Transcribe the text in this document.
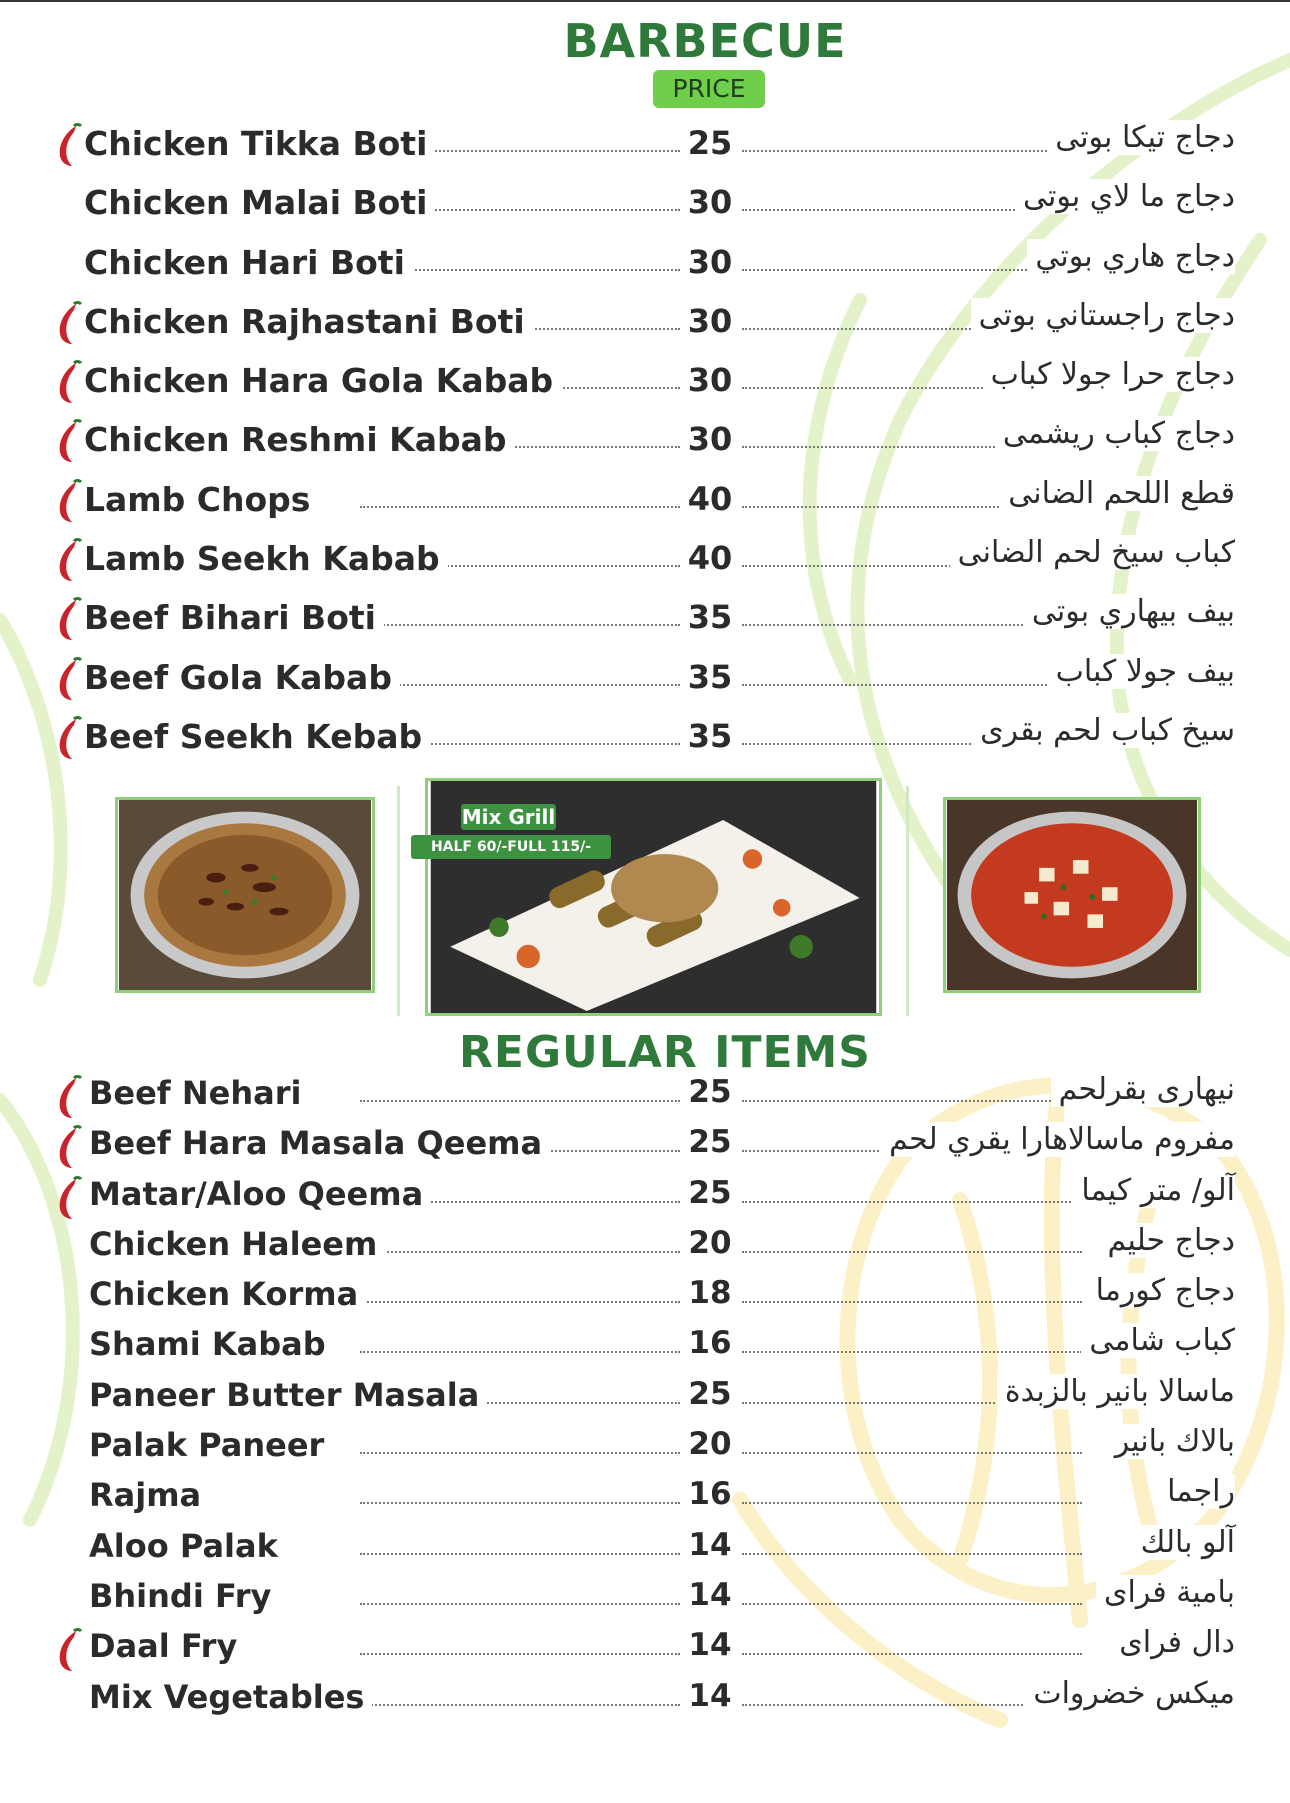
BARBECUE
PRICE
Chicken Tikka Boti	25	دجاج تيكا بوتى
Chicken Malai Boti	30	دجاج ما لاي بوتى
Chicken Hari Boti	30	دجاج هاري بوتي
Chicken Rajhastani Boti	30	دجاج راجستاني بوتى
Chicken Hara Gola Kabab	30	دجاج حرا جولا كباب
Chicken Reshmi Kabab	30	دجاج كباب ريشمى
Lamb Chops	40	قطع اللحم الضانى
Lamb Seekh Kabab	40	كباب سيخ لحم الضانى
Beef Bihari Boti	35	بيف بيهاري بوتى
Beef Gola Kabab	35	بيف جولا كباب
Beef Seekh Kebab	35	سيخ كباب لحم بقرى
Mix Grill
HALF 60/-FULL 115/-
REGULAR ITEMS
Beef Nehari	25	نيهارى بقرلحم
Beef Hara Masala Qeema	25	مفروم ماسالاهارا يقري لحم
Matar/Aloo Qeema	25	آلو/ متر كيما
Chicken Haleem	20	دجاج حليم
Chicken Korma	18	دجاج كورما
Shami Kabab	16	كباب شامى
Paneer Butter Masala	25	ماسالا بانير بالزبدة
Palak Paneer	20	بالاك بانير
Rajma	16	راجما
Aloo Palak	14	آلو بالك
Bhindi Fry	14	بامية فراى
Daal Fry	14	دال فراى
Mix Vegetables	14	ميكس خضروات
